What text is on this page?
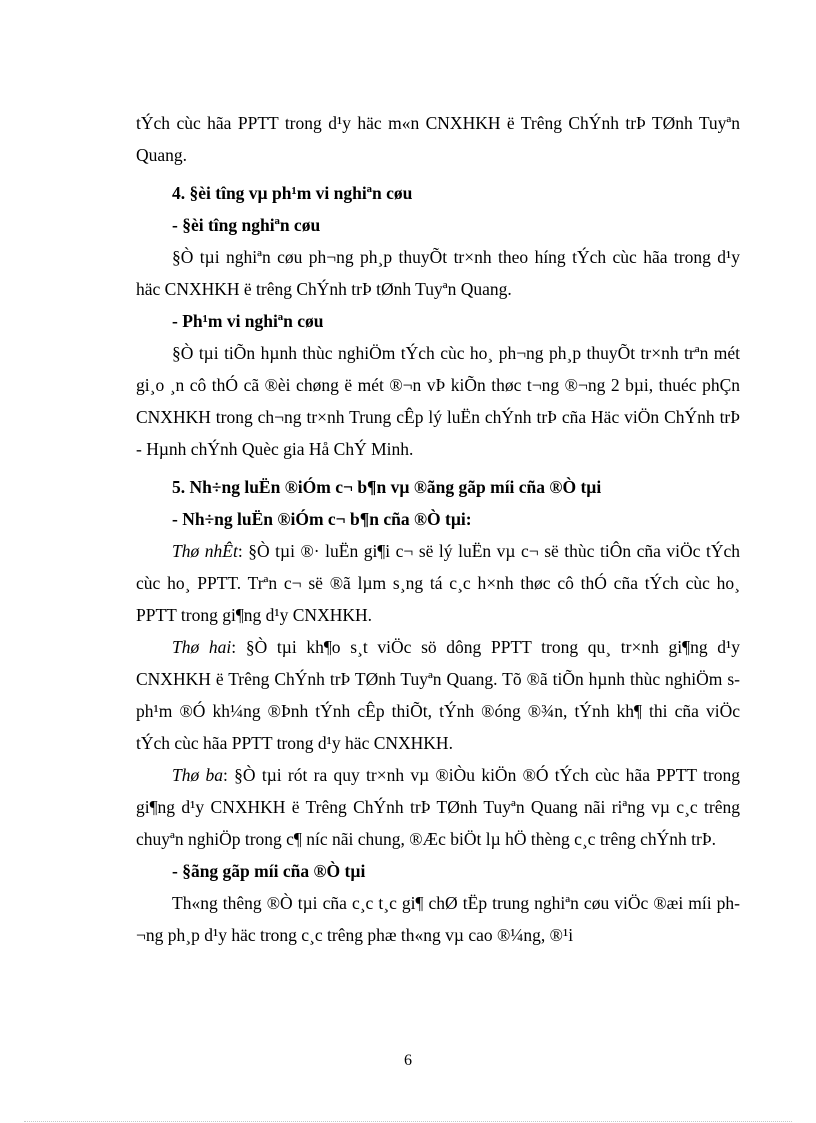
tÝch cùc hãa PPTT trong d¹y häc m«n CNXHKH ë Trêng ChÝnh trÞ TØnh Tuyªn Quang.

4. §èi tîng vµ ph¹m vi nghiªn cøu

- §èi tîng nghiªn cøu

§Ò tµi nghiªn cøu ph¬ng ph¸p thuyÕt tr×nh theo híng tÝch cùc hãa trong d¹y häc CNXHKH ë trêng ChÝnh trÞ tØnh Tuyªn Quang.

- Ph¹m vi nghiªn cøu

§Ò tµi tiÕn hµnh thùc nghiÖm tÝch cùc ho¸ ph¬ng ph¸p thuyÕt tr×nh trªn mét gi¸o ¸n cô thÓ cã ®èi chøng ë mét ®¬n vÞ kiÕn thøc t¬ng ®¬ng 2 bµi, thuéc phÇn CNXHKH trong ch¬ng tr×nh Trung cÊp lý luËn chÝnh trÞ cña Häc viÖn ChÝnh trÞ - Hµnh chÝnh Quèc gia Hå ChÝ Minh.

5. Nh÷ng luËn ®iÓm c¬ b¶n vµ ®ãng gãp míi cña ®Ò tµi

- Nh÷ng luËn ®iÓm c¬ b¶n cña ®Ò tµi:

Thø nhÊt: §Ò tµi ®· luËn gi¶i c¬ së lý luËn vµ c¬ së thùc tiÔn cña viÖc tÝch cùc ho¸ PPTT. Trªn c¬ së ®ã lµm s¸ng tá c¸c h×nh thøc cô thÓ cña tÝch cùc ho¸ PPTT trong gi¶ng d¹y CNXHKH.

Thø hai: §Ò tµi kh¶o s¸t viÖc sö dông PPTT trong qu¸ tr×nh gi¶ng d¹y CNXHKH ë Trêng ChÝnh trÞ TØnh Tuyªn Quang. Tõ ®ã tiÕn hµnh thùc nghiÖm s ph¹m ®Ó kh¼ng ®Þnh tÝnh cÊp thiÕt, tÝnh ®óng ®¾n, tÝnh kh¶ thi cña viÖc tÝch cùc hãa PPTT trong d¹y häc CNXHKH.

Thø ba: §Ò tµi rót ra quy tr×nh vµ ®iÒu kiÖn ®Ó tÝch cùc hãa PPTT trong gi¶ng d¹y CNXHKH ë Trêng ChÝnh trÞ TØnh Tuyªn Quang nãi riªng vµ c¸c trêng chuyªn nghiÖp trong c¶ níc nãi chung, ®Æc biÖt lµ hÖ thèng c¸c trêng chÝnh trÞ.

- §ãng gãp míi cña ®Ò tµi

Th«ng thêng ®Ò tµi cña c¸c t¸c gi¶ chØ tËp trung nghiªn cøu viÖc ®æi míi ph¬ng ph¸p d¹y häc trong c¸c trêng phæ th«ng vµ cao ®¼ng, ®¹i

6
